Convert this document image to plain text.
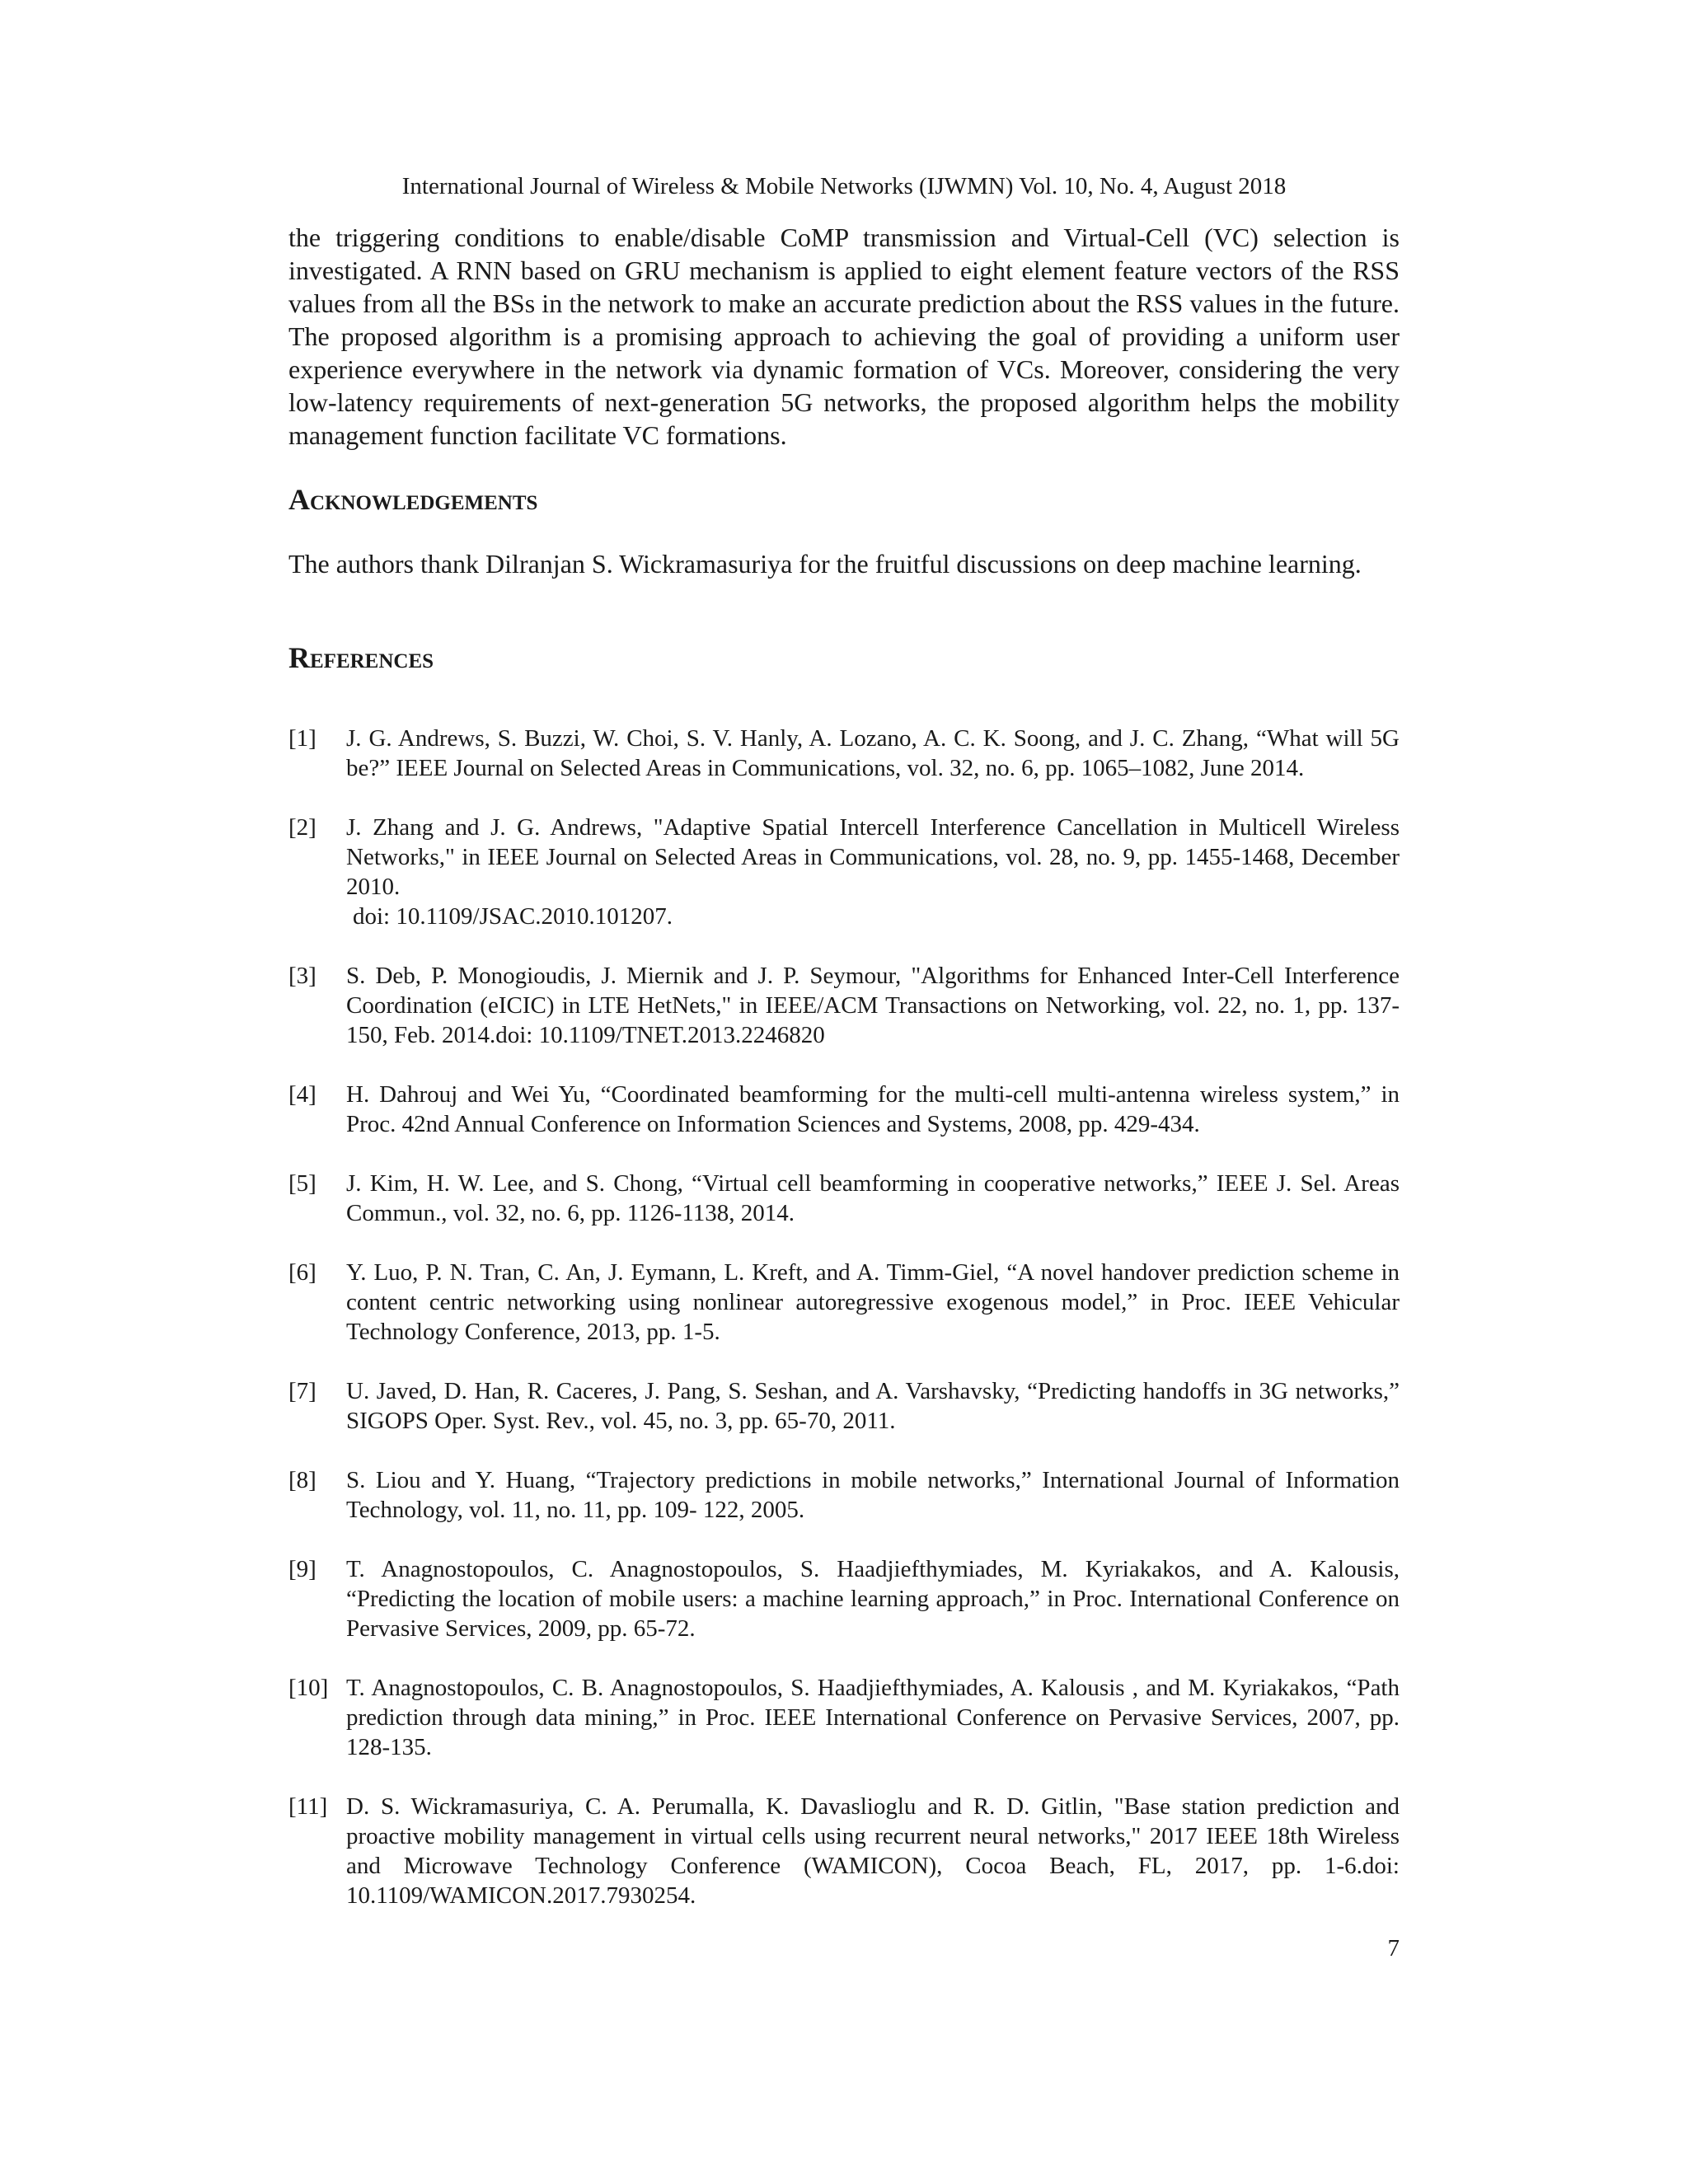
International Journal of Wireless & Mobile Networks (IJWMN) Vol. 10, No. 4, August 2018

the triggering conditions to enable/disable CoMP transmission and Virtual-Cell (VC) selection is investigated. A RNN based on GRU mechanism is applied to eight element feature vectors of the RSS values from all the BSs in the network to make an accurate prediction about the RSS values in the future. The proposed algorithm is a promising approach to achieving the goal of providing a uniform user experience everywhere in the network via dynamic formation of VCs. Moreover, considering the very low-latency requirements of next-generation 5G networks, the proposed algorithm helps the mobility management function facilitate VC formations.

Acknowledgements

The authors thank Dilranjan S. Wickramasuriya for the fruitful discussions on deep machine learning.

References
[1]	J. G. Andrews, S. Buzzi, W. Choi, S. V. Hanly, A. Lozano, A. C. K. Soong, and J. C. Zhang, “What will 5G be?” IEEE Journal on Selected Areas in Communications, vol. 32, no. 6, pp. 1065–1082, June 2014.
[2]	J. Zhang and J. G. Andrews, "Adaptive Spatial Intercell Interference Cancellation in Multicell Wireless Networks," in IEEE Journal on Selected Areas in Communications, vol. 28, no. 9, pp. 1455-1468, December 2010.
doi: 10.1109/JSAC.2010.101207.
[3]	S. Deb, P. Monogioudis, J. Miernik and J. P. Seymour, "Algorithms for Enhanced Inter-Cell Interference Coordination (eICIC) in LTE HetNets," in IEEE/ACM Transactions on Networking, vol. 22, no. 1, pp. 137-150, Feb. 2014.doi: 10.1109/TNET.2013.2246820
[4]	H. Dahrouj and Wei Yu, “Coordinated beamforming for the multi-cell multi-antenna wireless system,” in Proc. 42nd Annual Conference on Information Sciences and Systems, 2008, pp. 429-434.
[5]	J. Kim, H. W. Lee, and S. Chong, “Virtual cell beamforming in cooperative networks,” IEEE J. Sel. Areas Commun., vol. 32, no. 6, pp. 1126-1138, 2014.
[6]	Y. Luo, P. N. Tran, C. An, J. Eymann, L. Kreft, and A. Timm-Giel, “A novel handover prediction scheme in content centric networking using nonlinear autoregressive exogenous model,” in Proc. IEEE Vehicular Technology Conference, 2013, pp. 1-5.
[7]	U. Javed, D. Han, R. Caceres, J. Pang, S. Seshan, and A. Varshavsky, “Predicting handoffs in 3G networks,” SIGOPS Oper. Syst. Rev., vol. 45, no. 3, pp. 65-70, 2011.
[8]	S. Liou and Y. Huang, “Trajectory predictions in mobile networks,” International Journal of Information Technology, vol. 11, no. 11, pp. 109- 122, 2005.
[9]	T. Anagnostopoulos, C. Anagnostopoulos, S. Haadjiefthymiades, M. Kyriakakos, and A. Kalousis, “Predicting the location of mobile users: a machine learning approach,” in Proc. International Conference on Pervasive Services, 2009, pp. 65-72.
[10] T. Anagnostopoulos, C. B. Anagnostopoulos, S. Haadjiefthymiades, A. Kalousis , and M. Kyriakakos, “Path prediction through data mining,” in Proc. IEEE International Conference on Pervasive Services, 2007, pp. 128-135.
[11] D. S. Wickramasuriya, C. A. Perumalla, K. Davaslioglu and R. D. Gitlin, "Base station prediction and proactive mobility management in virtual cells using recurrent neural networks," 2017 IEEE 18th Wireless and Microwave Technology Conference (WAMICON), Cocoa Beach, FL, 2017, pp. 1-6.doi: 10.1109/WAMICON.2017.7930254.
7
